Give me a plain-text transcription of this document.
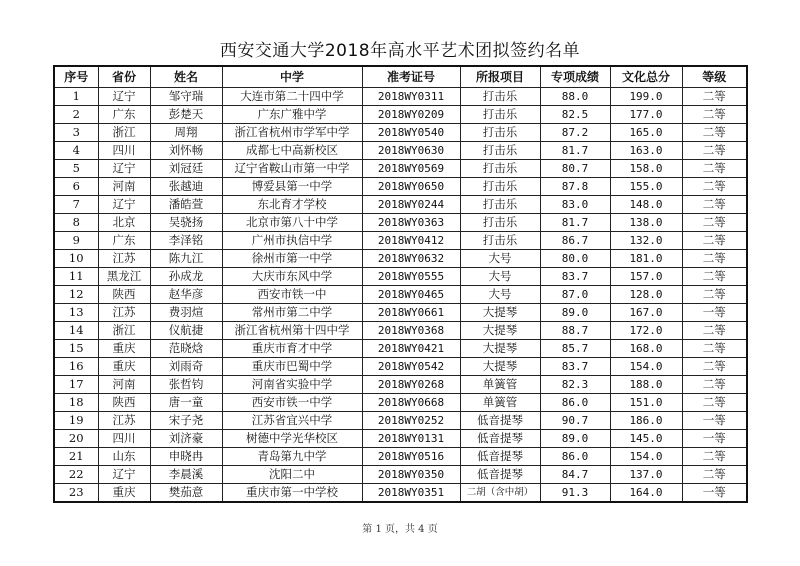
西安交通大学2018年高水平艺术团拟签约名单
序号	省份	姓名	中学	准考证号	所报项目	专项成绩	文化总分	等级
1	辽宁	邹守瑞	大连市第二十四中学	2018WY0311	打击乐	88.0	199.0	二等
2	广东	彭楚天	广东广雅中学	2018WY0209	打击乐	82.5	177.0	二等
3	浙江	周翔	浙江省杭州市学军中学	2018WY0540	打击乐	87.2	165.0	二等
4	四川	刘怀畅	成都七中高新校区	2018WY0630	打击乐	81.7	163.0	二等
5	辽宁	刘冠廷	辽宁省鞍山市第一中学	2018WY0569	打击乐	80.7	158.0	二等
6	河南	张越迪	博爱县第一中学	2018WY0650	打击乐	87.8	155.0	二等
7	辽宁	潘皓萱	东北育才学校	2018WY0244	打击乐	83.0	148.0	二等
8	北京	吴骁扬	北京市第八十中学	2018WY0363	打击乐	81.7	138.0	二等
9	广东	李泽铭	广州市执信中学	2018WY0412	打击乐	86.7	132.0	二等
10	江苏	陈九江	徐州市第一中学	2018WY0632	大号	80.0	181.0	二等
11	黑龙江	孙成龙	大庆市东风中学	2018WY0555	大号	83.7	157.0	二等
12	陕西	赵华彦	西安市铁一中	2018WY0465	大号	87.0	128.0	二等
13	江苏	费羽煊	常州市第二中学	2018WY0661	大提琴	89.0	167.0	一等
14	浙江	仪航捷	浙江省杭州第十四中学	2018WY0368	大提琴	88.7	172.0	二等
15	重庆	范晓焓	重庆市育才中学	2018WY0421	大提琴	85.7	168.0	二等
16	重庆	刘雨奇	重庆市巴蜀中学	2018WY0542	大提琴	83.7	154.0	二等
17	河南	张哲钧	河南省实验中学	2018WY0268	单簧管	82.3	188.0	二等
18	陕西	唐一童	西安市铁一中学	2018WY0668	单簧管	86.0	151.0	二等
19	江苏	宋子尧	江苏省宜兴中学	2018WY0252	低音提琴	90.7	186.0	一等
20	四川	刘济豪	树德中学光华校区	2018WY0131	低音提琴	89.0	145.0	一等
21	山东	申晓冉	青岛第九中学	2018WY0516	低音提琴	86.0	154.0	二等
22	辽宁	李晨溪	沈阳二中	2018WY0350	低音提琴	84.7	137.0	二等
23	重庆	樊茄意	重庆市第一中学校	2018WY0351	二胡（含中胡）	91.3	164.0	一等
第 1 页，共 4 页
